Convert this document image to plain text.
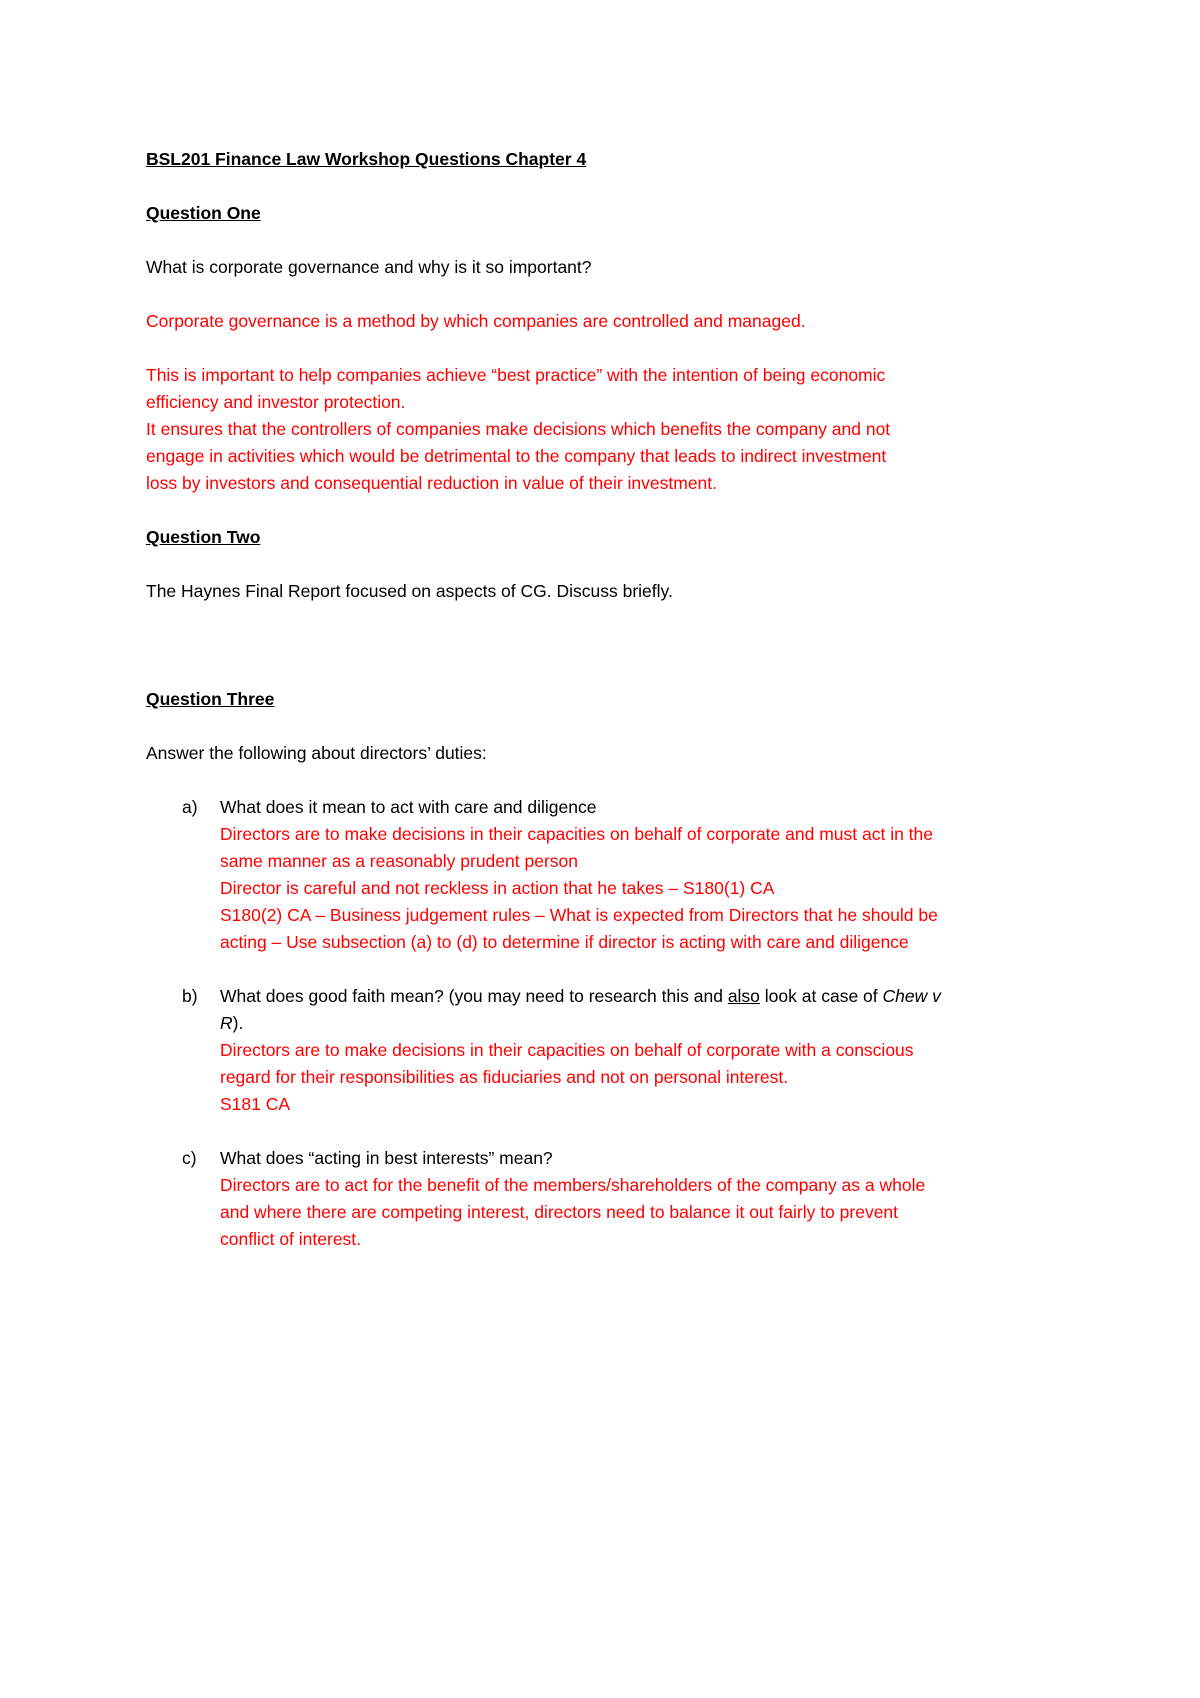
BSL201 Finance Law Workshop Questions Chapter 4

Question One

What is corporate governance and why is it so important?

Corporate governance is a method by which companies are controlled and managed.

This is important to help companies achieve “best practice” with the intention of being economic

efficiency and investor protection.

It ensures that the controllers of companies make decisions which benefits the company and not

engage in activities which would be detrimental to the company that leads to indirect investment

loss by investors and consequential reduction in value of their investment.

Question Two

The Haynes Final Report focused on aspects of CG. Discuss briefly.

Question Three

Answer the following about directors’ duties:

a) What does it mean to act with care and diligence

Directors are to make decisions in their capacities on behalf of corporate and must act in the

same manner as a reasonably prudent person

Director is careful and not reckless in action that he takes – S180(1) CA

S180(2) CA – Business judgement rules – What is expected from Directors that he should be

acting – Use subsection (a) to (d) to determine if director is acting with care and diligence

b) What does good faith mean? (you may need to research this and also look at case of Chew v

R).

Directors are to make decisions in their capacities on behalf of corporate with a conscious

regard for their responsibilities as fiduciaries and not on personal interest.

S181 CA

c) What does “acting in best interests” mean?

Directors are to act for the benefit of the members/shareholders of the company as a whole

and where there are competing interest, directors need to balance it out fairly to prevent

conflict of interest.
